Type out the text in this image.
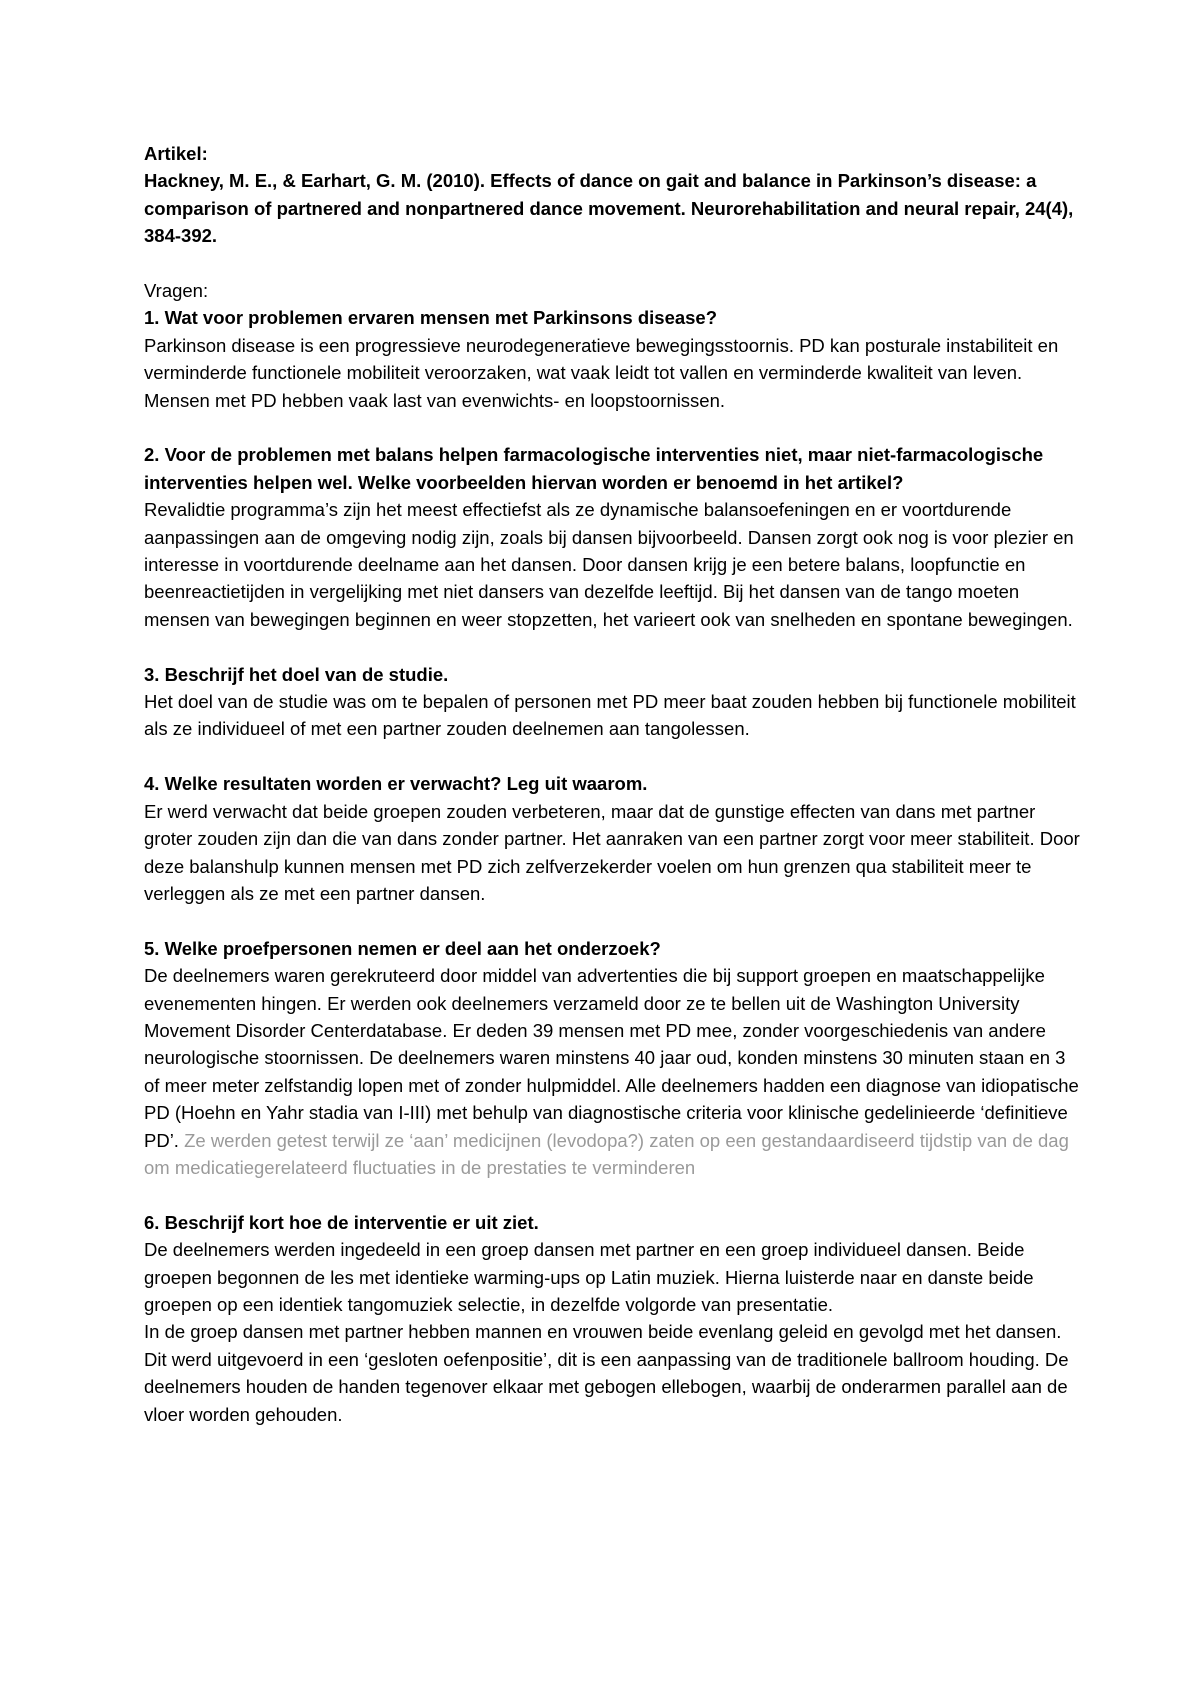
Artikel:

Hackney, M. E., & Earhart, G. M. (2010). Effects of dance on gait and balance in Parkinson’s disease: a comparison of partnered and nonpartnered dance movement. Neurorehabilitation and neural repair, 24(4), 384-392.

Vragen:

1. Wat voor problemen ervaren mensen met Parkinsons disease?

Parkinson disease is een progressieve neurodegeneratieve bewegingsstoornis. PD kan posturale instabiliteit en verminderde functionele mobiliteit veroorzaken, wat vaak leidt tot vallen en verminderde kwaliteit van leven. Mensen met PD hebben vaak last van evenwichts- en loopstoornissen.

2. Voor de problemen met balans helpen farmacologische interventies niet, maar niet-farmacologische interventies helpen wel. Welke voorbeelden hiervan worden er benoemd in het artikel?

Revalidtie programma’s zijn het meest effectiefst als ze dynamische balansoefeningen en er voortdurende aanpassingen aan de omgeving nodig zijn, zoals bij dansen bijvoorbeeld. Dansen zorgt ook nog is voor plezier en interesse in voortdurende deelname aan het dansen. Door dansen krijg je een betere balans, loopfunctie en beenreactietijden in vergelijking met niet dansers van dezelfde leeftijd. Bij het dansen van de tango moeten mensen van bewegingen beginnen en weer stopzetten, het varieert ook van snelheden en spontane bewegingen.

3. Beschrijf het doel van de studie.

Het doel van de studie was om te bepalen of personen met PD meer baat zouden hebben bij functionele mobiliteit als ze individueel of met een partner zouden deelnemen aan tangolessen.

4. Welke resultaten worden er verwacht? Leg uit waarom.

Er werd verwacht dat beide groepen zouden verbeteren, maar dat de gunstige effecten van dans met partner groter zouden zijn dan die van dans zonder partner. Het aanraken van een partner zorgt voor meer stabiliteit. Door deze balanshulp kunnen mensen met PD zich zelfverzekerder voelen om hun grenzen qua stabiliteit meer te verleggen als ze met een partner dansen.

5. Welke proefpersonen nemen er deel aan het onderzoek?

De deelnemers waren gerekruteerd door middel van advertenties die bij support groepen en maatschappelijke evenementen hingen. Er werden ook deelnemers verzameld door ze te bellen uit de Washington University Movement Disorder Centerdatabase. Er deden 39 mensen met PD mee, zonder voorgeschiedenis van andere neurologische stoornissen. De deelnemers waren minstens 40 jaar oud, konden minstens 30 minuten staan en 3 of meer meter zelfstandig lopen met of zonder hulpmiddel. Alle deelnemers hadden een diagnose van idiopatische PD (Hoehn en Yahr stadia van I-III) met behulp van diagnostische criteria voor klinische gedelinieerde ‘definitieve PD’. Ze werden getest terwijl ze ‘aan’ medicijnen (levodopa?) zaten op een gestandaardiseerd tijdstip van de dag om medicatiegerelateerd fluctuaties in de prestaties te verminderen

6. Beschrijf kort hoe de interventie er uit ziet.

De deelnemers werden ingedeeld in een groep dansen met partner en een groep individueel dansen. Beide groepen begonnen de les met identieke warming-ups op Latin muziek. Hierna luisterde naar en danste beide groepen op een identiek tangomuziek selectie, in dezelfde volgorde van presentatie.

In de groep dansen met partner hebben mannen en vrouwen beide evenlang geleid en gevolgd met het dansen. Dit werd uitgevoerd in een ‘gesloten oefenpositie’, dit is een aanpassing van de traditionele ballroom houding. De deelnemers houden de handen tegenover elkaar met gebogen ellebogen, waarbij de onderarmen parallel aan de vloer worden gehouden.
